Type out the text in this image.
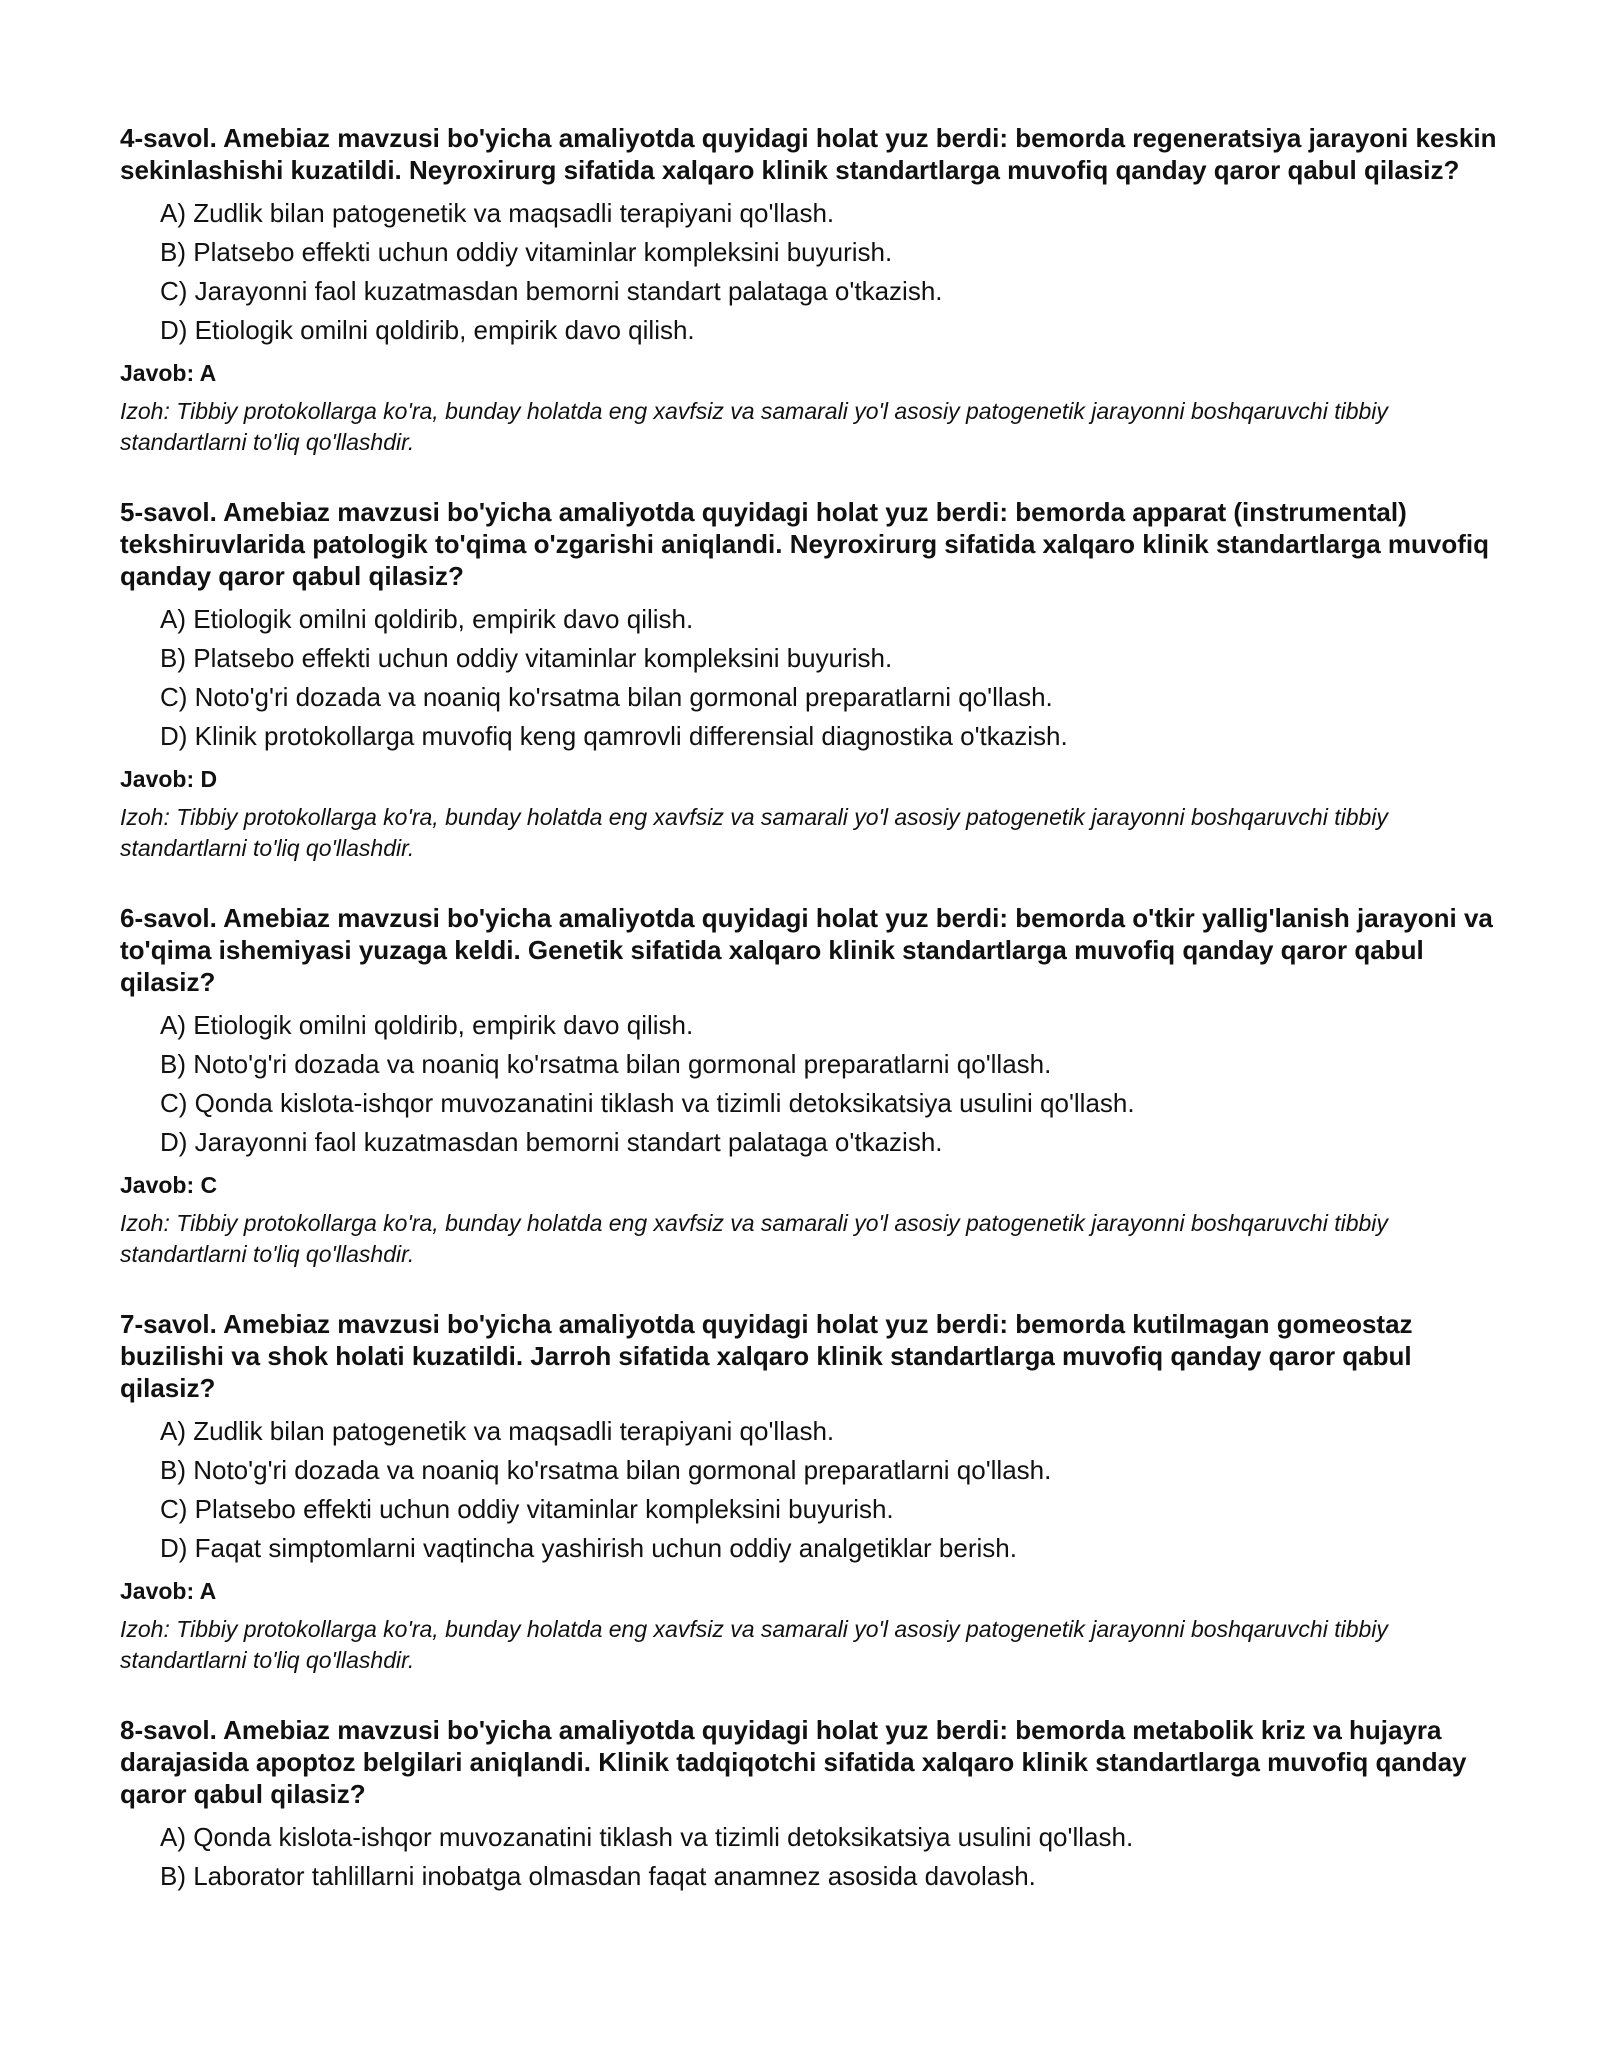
4-savol. Amebiaz mavzusi bo'yicha amaliyotda quyidagi holat yuz berdi: bemorda regeneratsiya jarayoni keskin sekinlashishi kuzatildi. Neyroxirurg sifatida xalqaro klinik standartlarga muvofiq qanday qaror qabul qilasiz?

A) Zudlik bilan patogenetik va maqsadli terapiyani qo'llash.
B) Platsebo effekti uchun oddiy vitaminlar kompleksini buyurish.
C) Jarayonni faol kuzatmasdan bemorni standart palataga o'tkazish.
D) Etiologik omilni qoldirib, empirik davo qilish.

Javob: A

Izoh: Tibbiy protokollarga ko'ra, bunday holatda eng xavfsiz va samarali yo'l asosiy patogenetik jarayonni boshqaruvchi tibbiy standartlarni to'liq qo'llashdir.

5-savol. Amebiaz mavzusi bo'yicha amaliyotda quyidagi holat yuz berdi: bemorda apparat (instrumental) tekshiruvlarida patologik to'qima o'zgarishi aniqlandi. Neyroxirurg sifatida xalqaro klinik standartlarga muvofiq qanday qaror qabul qilasiz?

A) Etiologik omilni qoldirib, empirik davo qilish.
B) Platsebo effekti uchun oddiy vitaminlar kompleksini buyurish.
C) Noto'g'ri dozada va noaniq ko'rsatma bilan gormonal preparatlarni qo'llash.
D) Klinik protokollarga muvofiq keng qamrovli differensial diagnostika o'tkazish.

Javob: D

Izoh: Tibbiy protokollarga ko'ra, bunday holatda eng xavfsiz va samarali yo'l asosiy patogenetik jarayonni boshqaruvchi tibbiy standartlarni to'liq qo'llashdir.

6-savol. Amebiaz mavzusi bo'yicha amaliyotda quyidagi holat yuz berdi: bemorda o'tkir yallig'lanish jarayoni va to'qima ishemiyasi yuzaga keldi. Genetik sifatida xalqaro klinik standartlarga muvofiq qanday qaror qabul qilasiz?

A) Etiologik omilni qoldirib, empirik davo qilish.
B) Noto'g'ri dozada va noaniq ko'rsatma bilan gormonal preparatlarni qo'llash.
C) Qonda kislota-ishqor muvozanatini tiklash va tizimli detoksikatsiya usulini qo'llash.
D) Jarayonni faol kuzatmasdan bemorni standart palataga o'tkazish.

Javob: C

Izoh: Tibbiy protokollarga ko'ra, bunday holatda eng xavfsiz va samarali yo'l asosiy patogenetik jarayonni boshqaruvchi tibbiy standartlarni to'liq qo'llashdir.

7-savol. Amebiaz mavzusi bo'yicha amaliyotda quyidagi holat yuz berdi: bemorda kutilmagan gomeostaz buzilishi va shok holati kuzatildi. Jarroh sifatida xalqaro klinik standartlarga muvofiq qanday qaror qabul qilasiz?

A) Zudlik bilan patogenetik va maqsadli terapiyani qo'llash.
B) Noto'g'ri dozada va noaniq ko'rsatma bilan gormonal preparatlarni qo'llash.
C) Platsebo effekti uchun oddiy vitaminlar kompleksini buyurish.
D) Faqat simptomlarni vaqtincha yashirish uchun oddiy analgetiklar berish.

Javob: A

Izoh: Tibbiy protokollarga ko'ra, bunday holatda eng xavfsiz va samarali yo'l asosiy patogenetik jarayonni boshqaruvchi tibbiy standartlarni to'liq qo'llashdir.

8-savol. Amebiaz mavzusi bo'yicha amaliyotda quyidagi holat yuz berdi: bemorda metabolik kriz va hujayra darajasida apoptoz belgilari aniqlandi. Klinik tadqiqotchi sifatida xalqaro klinik standartlarga muvofiq qanday qaror qabul qilasiz?

A) Qonda kislota-ishqor muvozanatini tiklash va tizimli detoksikatsiya usulini qo'llash.
B) Laborator tahlillarni inobatga olmasdan faqat anamnez asosida davolash.
